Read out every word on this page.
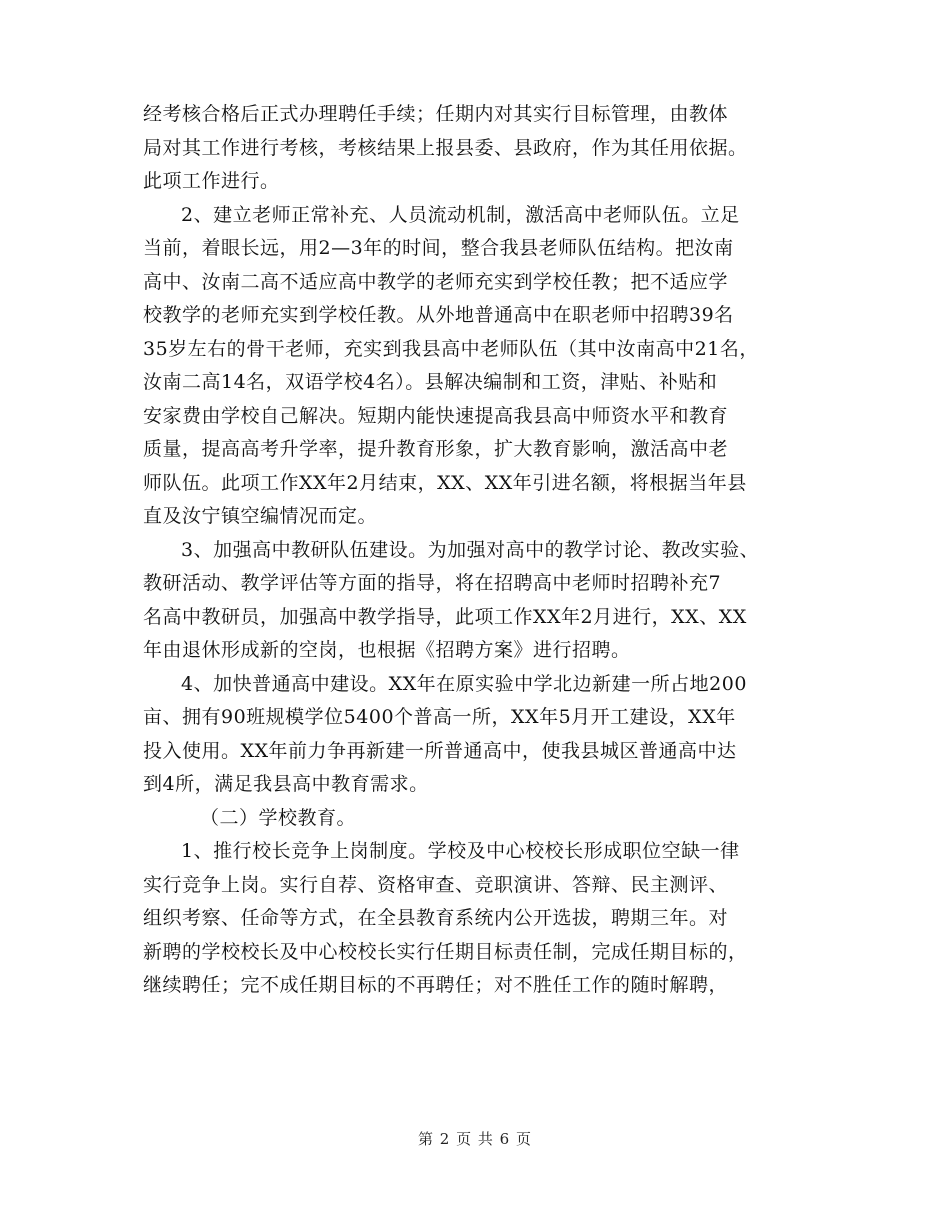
经考核合格后正式办理聘任手续；任期内对其实行目标管理，由教体
局对其工作进行考核，考核结果上报县委、县政府，作为其任用依据。
此项工作进行。
2、建立老师正常补充、人员流动机制，激活高中老师队伍。立足
当前，着眼长远，用2—3年的时间，整合我县老师队伍结构。把汝南
高中、汝南二高不适应高中教学的老师充实到学校任教；把不适应学
校教学的老师充实到学校任教。从外地普通高中在职老师中招聘39名
35岁左右的骨干老师，充实到我县高中老师队伍（其中汝南高中21名，
汝南二高14名，双语学校4名）。县解决编制和工资，津贴、补贴和
安家费由学校自己解决。短期内能快速提高我县高中师资水平和教育
质量，提高高考升学率，提升教育形象，扩大教育影响，激活高中老
师队伍。此项工作XX年2月结束，XX、XX年引进名额，将根据当年县
直及汝宁镇空编情况而定。
3、加强高中教研队伍建设。为加强对高中的教学讨论、教改实验、
教研活动、教学评估等方面的指导，将在招聘高中老师时招聘补充7
名高中教研员，加强高中教学指导，此项工作XX年2月进行，XX、XX
年由退休形成新的空岗，也根据《招聘方案》进行招聘。
4、加快普通高中建设。XX年在原实验中学北边新建一所占地200
亩、拥有90班规模学位5400个普高一所，XX年5月开工建设，XX年
投入使用。XX年前力争再新建一所普通高中，使我县城区普通高中达
到4所，满足我县高中教育需求。
（二）学校教育。
1、推行校长竞争上岗制度。学校及中心校校长形成职位空缺一律
实行竞争上岗。实行自荐、资格审查、竞职演讲、答辩、民主测评、
组织考察、任命等方式，在全县教育系统内公开选拔，聘期三年。对
新聘的学校校长及中心校校长实行任期目标责任制，完成任期目标的，
继续聘任；完不成任期目标的不再聘任；对不胜任工作的随时解聘，
第 2 页 共 6 页
